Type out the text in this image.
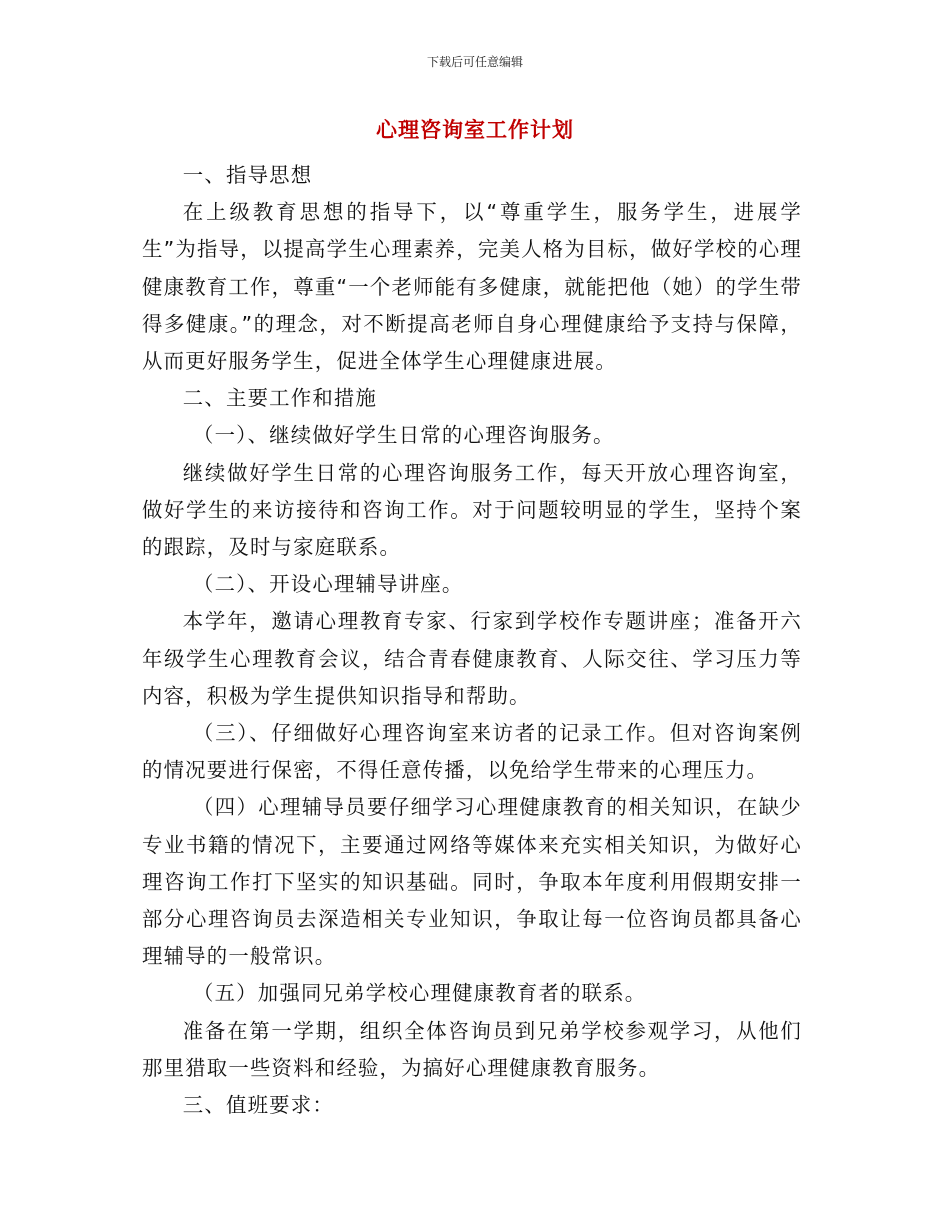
下载后可任意编辑
心理咨询室工作计划

一、指导思想

在上级教育思想的指导下，以“尊重学生，服务学生，进展学生”为指导，以提高学生心理素养，完美人格为目标，做好学校的心理健康教育工作，尊重“一个老师能有多健康，就能把他（她）的学生带得多健康。”的理念，对不断提高老师自身心理健康给予支持与保障，从而更好服务学生，促进全体学生心理健康进展。

二、主要工作和措施

（一）、继续做好学生日常的心理咨询服务。

继续做好学生日常的心理咨询服务工作，每天开放心理咨询室，做好学生的来访接待和咨询工作。对于问题较明显的学生，坚持个案的跟踪，及时与家庭联系。

（二）、开设心理辅导讲座。

本学年，邀请心理教育专家、行家到学校作专题讲座；准备开六年级学生心理教育会议，结合青春健康教育、人际交往、学习压力等内容，积极为学生提供知识指导和帮助。

（三）、仔细做好心理咨询室来访者的记录工作。但对咨询案例的情况要进行保密，不得任意传播，以免给学生带来的心理压力。

（四）心理辅导员要仔细学习心理健康教育的相关知识，在缺少专业书籍的情况下，主要通过网络等媒体来充实相关知识，为做好心理咨询工作打下坚实的知识基础。同时，争取本年度利用假期安排一部分心理咨询员去深造相关专业知识，争取让每一位咨询员都具备心理辅导的一般常识。

（五）加强同兄弟学校心理健康教育者的联系。

准备在第一学期，组织全体咨询员到兄弟学校参观学习，从他们那里猎取一些资料和经验，为搞好心理健康教育服务。

三、值班要求：
